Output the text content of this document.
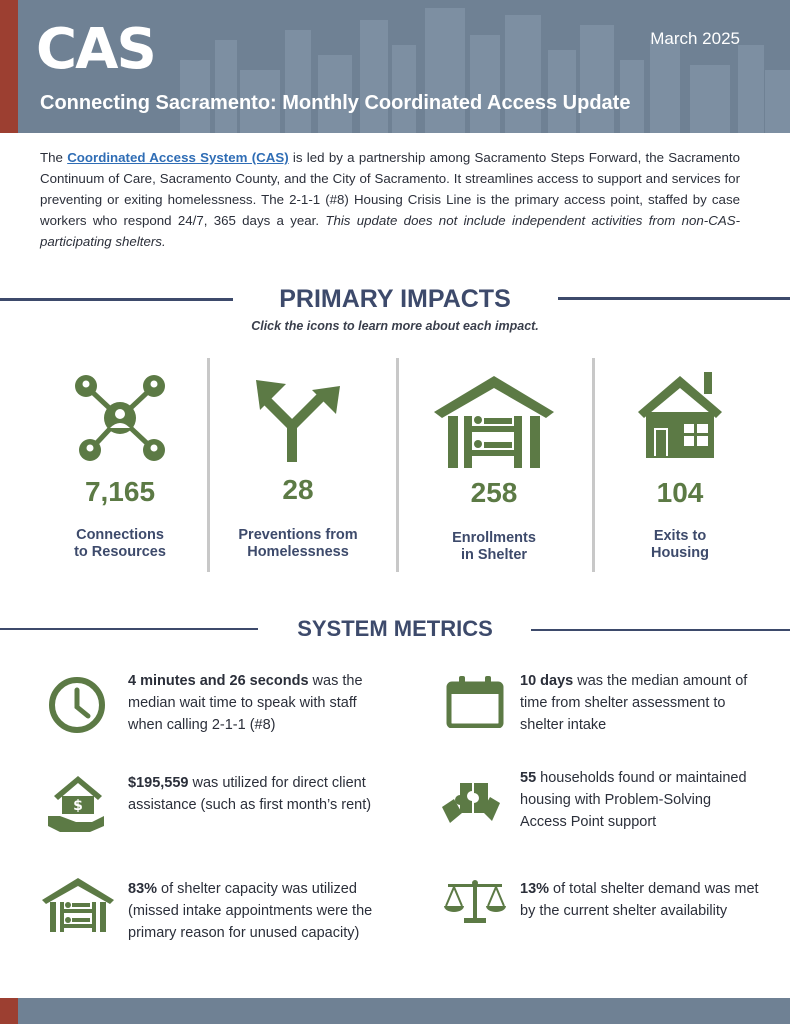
CAS	March 2025
Connecting Sacramento: Monthly Coordinated Access Update

The Coordinated Access System (CAS) is led by a partnership among Sacramento Steps Forward, the Sacramento Continuum of Care, Sacramento County, and the City of Sacramento. It streamlines access to support and services for preventing or exiting homelessness. The 2-1-1 (#8) Housing Crisis Line is the primary access point, staffed by case workers who respond 24/7, 365 days a year. This update does not include independent activities from non-CAS-participating shelters.

PRIMARY IMPACTS
Click the icons to learn more about each impact.
7,165
Connections
to Resources
28
Preventions from
Homelessness
258
Enrollments
in Shelter
104
Exits to
Housing
SYSTEM METRICS
4 minutes and 26 seconds was the median wait time to speak with staff when calling 2-1-1 (#8)
10 days was the median amount of time from shelter assessment to shelter intake
$
$195,559 was utilized for direct client assistance (such as first month’s rent)
55 households found or maintained housing with Problem-Solving Access Point support
83% of shelter capacity was utilized (missed intake appointments were the primary reason for unused capacity)
13% of total shelter demand was met by the current shelter availability
